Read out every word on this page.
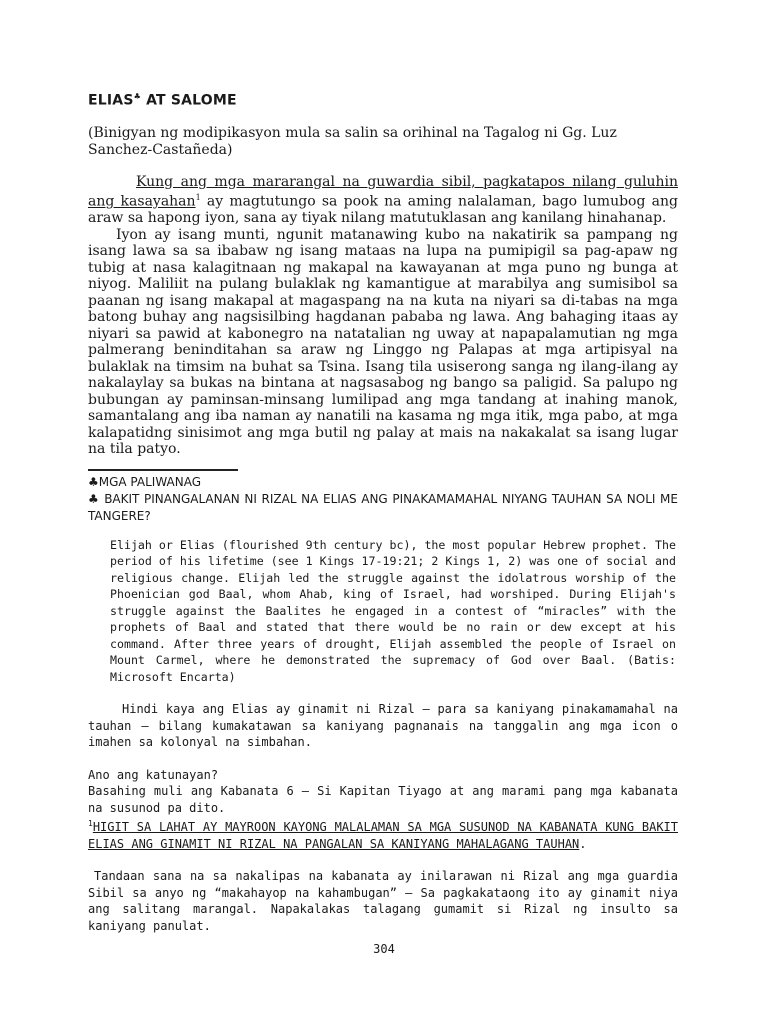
ELIAS♣ AT SALOME

(Binigyan ng modipikasyon mula sa salin sa orihinal na Tagalog ni Gg. Luz Sanchez-Castañeda)

Kung ang mga mararangal na guwardia sibil, pagkatapos nilang guluhin ang kasayahan$^1$ ay magtutungo sa pook na aming nalalaman, bago lumubog ang araw sa hapong iyon, sana ay tiyak nilang matutuklasan ang kanilang hinahanap.

Iyon ay isang munti, ngunit matanawing kubo na nakatirik sa pampang ng isang lawa sa sa ibabaw ng isang mataas na lupa na pumipigil sa pag-apaw ng tubig at nasa kalagitnaan ng makapal na kawayanan at mga puno ng bunga at niyog. Maliliit na pulang bulaklak ng kamantigue at marabilya ang sumisibol sa paanan ng isang makapal at magaspang na na kuta na niyari sa di-tabas na mga batong buhay ang nagsisilbing hagdanan pababa ng lawa. Ang bahaging itaas ay niyari sa pawid at kabonegro na natatalian ng uway at napapalamutian ng mga palmerang beninditahan sa araw ng Linggo ng Palapas at mga artipisyal na bulaklak na timsim na buhat sa Tsina. Isang tila usiserong sanga ng ilang-ilang ay nakalaylay sa bukas na bintana at nagsasabog ng bango sa paligid. Sa palupo ng bubungan ay paminsan-minsang lumilipad ang mga tandang at inahing manok, samantalang ang iba naman ay nanatili na kasama ng mga itik, mga pabo, at mga kalapatidng sinisimot ang mga butil ng palay at mais na nakakalat sa isang lugar na tila patyo.

♣MGA PALIWANAG

♣ BAKIT PINANGALANAN NI RIZAL NA ELIAS ANG PINAKAMAMAHAL NIYANG TAUHAN SA NOLI ME TANGERE?

Elijah or Elias (flourished 9th century bc), the most popular Hebrew prophet. The period of his lifetime (see 1 Kings 17-19:21; 2 Kings 1, 2) was one of social and religious change. Elijah led the struggle against the idolatrous worship of the Phoenician god Baal, whom Ahab, king of Israel, had worshiped. During Elijah's struggle against the Baalites he engaged in a contest of “miracles” with the prophets of Baal and stated that there would be no rain or dew except at his command. After three years of drought, Elijah assembled the people of Israel on Mount Carmel, where he demonstrated the supremacy of God over Baal. (Batis: Microsoft Encarta)

Hindi kaya ang Elias ay ginamit ni Rizal – para sa kaniyang pinakamamahal na tauhan – bilang kumakatawan sa kaniyang pagnanais na tanggalin ang mga icon o imahen sa kolonyal na simbahan.

Ano ang katunayan?

Basahing muli ang Kabanata 6 – Si Kapitan Tiyago at ang marami pang mga kabanata na susunod pa dito.

$^1$HIGIT SA LAHAT AY MAYROON KAYONG MALALAMAN SA MGA SUSUNOD NA KABANATA KUNG BAKIT ELIAS ANG GINAMIT NI RIZAL NA PANGALAN SA KANIYANG MAHALAGANG TAUHAN.

Tandaan sana na sa nakalipas na kabanata ay inilarawan ni Rizal ang mga guardia Sibil sa anyo ng “makahayop na kahambugan” – Sa pagkakataong ito ay ginamit niya ang salitang marangal. Napakalakas talagang gumamit si Rizal ng insulto sa kaniyang panulat.

304
